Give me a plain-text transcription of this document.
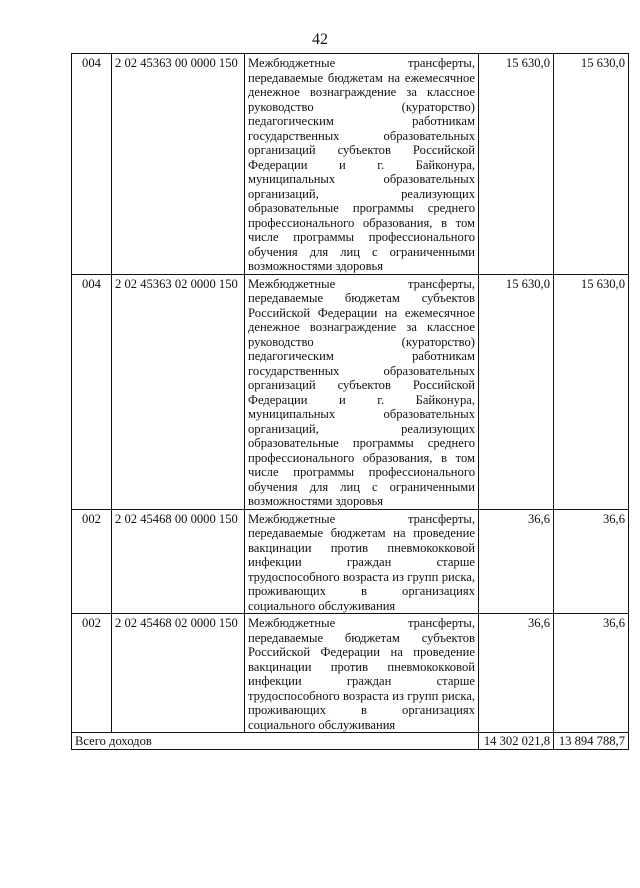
42
004	2 02 45363 00 0000 150	Межбюджетные трансферты, передаваемые бюджетам на ежемесячное денежное вознаграждение за классное руководство (кураторство) педагогическим работникам государственных образовательных организаций субъектов Российской Федерации и г. Байконура, муниципальных образовательных организаций, реализующих образовательные программы среднего профессионального образования, в том числе программы профессионального обучения для лиц с ограниченными возможностями здоровья	15 630,0	15 630,0
004	2 02 45363 02 0000 150	Межбюджетные трансферты, передаваемые бюджетам субъектов Российской Федерации на ежемесячное денежное вознаграждение за классное руководство (кураторство) педагогическим работникам государственных образовательных организаций субъектов Российской Федерации и г. Байконура, муниципальных образовательных организаций, реализующих образовательные программы среднего профессионального образования, в том числе программы профессионального обучения для лиц с ограниченными возможностями здоровья	15 630,0	15 630,0
002	2 02 45468 00 0000 150	Межбюджетные трансферты, передаваемые бюджетам на проведение вакцинации против пневмококковой инфекции граждан старше трудоспособного возраста из групп риска, проживающих в организациях социального обслуживания	36,6	36,6
002	2 02 45468 02 0000 150	Межбюджетные трансферты, передаваемые бюджетам субъектов Российской Федерации на проведение вакцинации против пневмококковой инфекции граждан старше трудоспособного возраста из групп риска, проживающих в организациях социального обслуживания	36,6	36,6
Всего доходов			14 302 021,8	13 894 788,7
